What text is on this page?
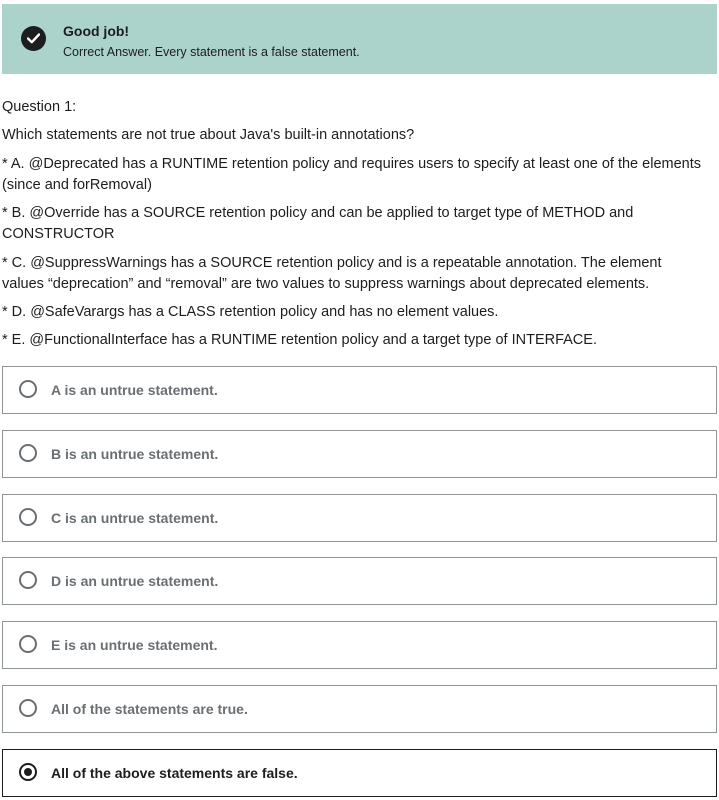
Good job!
Correct Answer. Every statement is a false statement.
Question 1:
Which statements are not true about Java's built-in annotations?
* A. @Deprecated has a RUNTIME retention policy and requires users to specify at least one of the elements (since and forRemoval)
* B. @Override has a SOURCE retention policy and can be applied to target type of METHOD and CONSTRUCTOR
* C. @SuppressWarnings has a SOURCE retention policy and is a repeatable annotation. The element values “deprecation” and “removal” are two values to suppress warnings about deprecated elements.
* D. @SafeVarargs has a CLASS retention policy and has no element values.
* E. @FunctionalInterface has a RUNTIME retention policy and a target type of INTERFACE.
A is an untrue statement.
B is an untrue statement.
C is an untrue statement.
D is an untrue statement.
E is an untrue statement.
All of the statements are true.
All of the above statements are false.
